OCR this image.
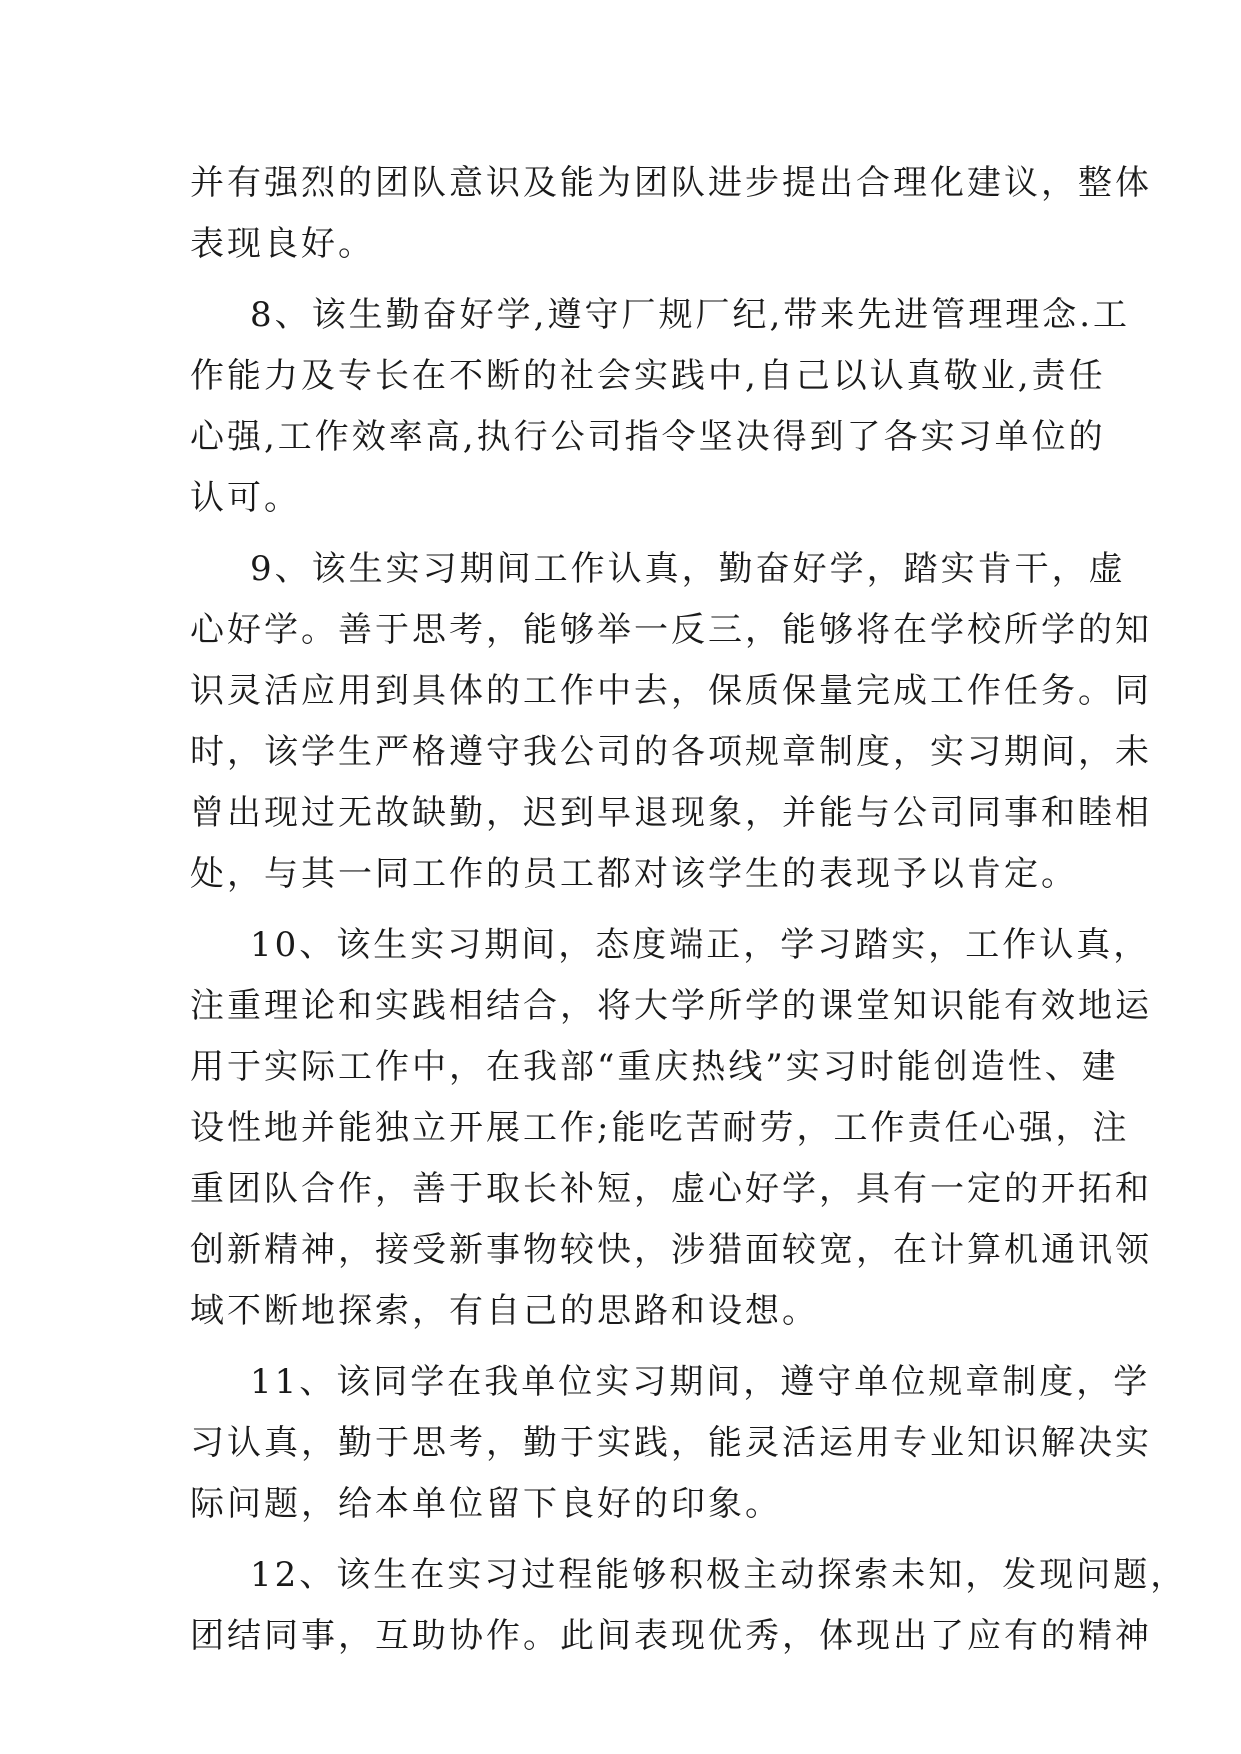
并有强烈的团队意识及能为团队进步提出合理化建议，整体
表现良好。
8、该生勤奋好学,遵守厂规厂纪,带来先进管理理念.工
作能力及专长在不断的社会实践中,自己以认真敬业,责任
心强,工作效率高,执行公司指令坚决得到了各实习单位的
认可。
9、该生实习期间工作认真，勤奋好学，踏实肯干，虚
心好学。善于思考，能够举一反三，能够将在学校所学的知
识灵活应用到具体的工作中去，保质保量完成工作任务。同
时，该学生严格遵守我公司的各项规章制度，实习期间，未
曾出现过无故缺勤，迟到早退现象，并能与公司同事和睦相
处，与其一同工作的员工都对该学生的表现予以肯定。
10、该生实习期间，态度端正，学习踏实，工作认真，
注重理论和实践相结合，将大学所学的课堂知识能有效地运
用于实际工作中，在我部“重庆热线”实习时能创造性、建
设性地并能独立开展工作;能吃苦耐劳，工作责任心强，注
重团队合作，善于取长补短，虚心好学，具有一定的开拓和
创新精神，接受新事物较快，涉猎面较宽，在计算机通讯领
域不断地探索，有自己的思路和设想。
11、该同学在我单位实习期间，遵守单位规章制度，学
习认真，勤于思考，勤于实践，能灵活运用专业知识解决实
际问题，给本单位留下良好的印象。
12、该生在实习过程能够积极主动探索未知，发现问题，
团结同事，互助协作。此间表现优秀，体现出了应有的精神
